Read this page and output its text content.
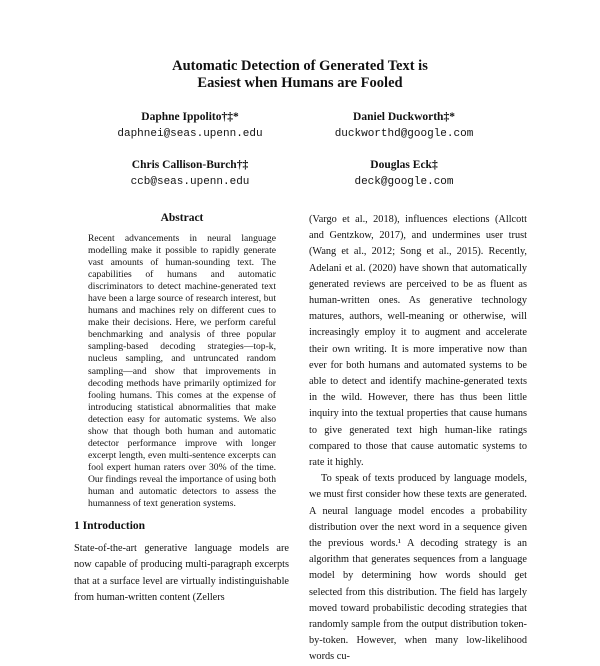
Automatic Detection of Generated Text is
Easiest when Humans are Fooled
Daphne Ippolito†‡*
daphnei@seas.upenn.edu
Daniel Duckworth‡*
duckworthd@google.com
Chris Callison-Burch†‡
ccb@seas.upenn.edu
Douglas Eck‡
deck@google.com
Abstract
Recent advancements in neural language modelling make it possible to rapidly generate vast amounts of human-sounding text. The capabilities of humans and automatic discriminators to detect machine-generated text have been a large source of research interest, but humans and machines rely on different cues to make their decisions. Here, we perform careful benchmarking and analysis of three popular sampling-based decoding strategies—top-k, nucleus sampling, and untruncated random sampling—and show that improvements in decoding methods have primarily optimized for fooling humans. This comes at the expense of introducing statistical abnormalities that make detection easy for automatic systems. We also show that though both human and automatic detector performance improve with longer excerpt length, even multi-sentence excerpts can fool expert human raters over 30% of the time. Our findings reveal the importance of using both human and automatic detectors to assess the humanness of text generation systems.
1 Introduction
State-of-the-art generative language models are now capable of producing multi-paragraph excerpts that at a surface level are virtually indistinguishable from human-written content (Zellers

(Vargo et al., 2018), influences elections (Allcott and Gentzkow, 2017), and undermines user trust (Wang et al., 2012; Song et al., 2015). Recently, Adelani et al. (2020) have shown that automatically generated reviews are perceived to be as fluent as human-written ones. As generative technology matures, authors, well-meaning or otherwise, will increasingly employ it to augment and accelerate their own writing. It is more imperative now than ever for both humans and automated systems to be able to detect and identify machine-generated texts in the wild. However, there has thus been little inquiry into the textual properties that cause humans to give generated text high human-like ratings compared to those that cause automatic systems to rate it highly.

To speak of texts produced by language models, we must first consider how these texts are generated. A neural language model encodes a probability distribution over the next word in a sequence given the previous words.¹ A decoding strategy is an algorithm that generates sequences from a language model by determining how words should get selected from this distribution. The field has largely moved toward probabilistic decoding strategies that randomly sample from the output distribution token-by-token. However, when many low-likelihood words cu-
